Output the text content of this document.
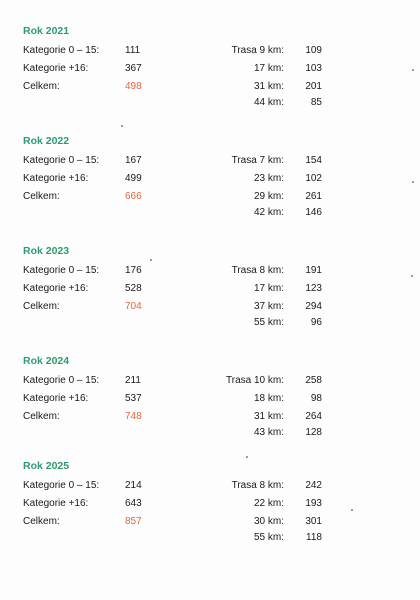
Rok 2021
Kategorie 0 – 15:	111	Trasa 9 km:	109
Kategorie +16:	367	17 km:	103
Celkem:	498	31 km:	201
44 km:	85
Rok 2022
Kategorie 0 – 15:	167	Trasa 7 km:	154
Kategorie +16:	499	23 km:	102
Celkem:	666	29 km:	261
42 km:	146
Rok 2023
Kategorie 0 – 15:	176	Trasa 8 km:	191
Kategorie +16:	528	17 km:	123
Celkem:	704	37 km:	294
55 km:	96
Rok 2024
Kategorie 0 – 15:	211	Trasa 10 km:	258
Kategorie +16:	537	18 km:	98
Celkem:	748	31 km:	264
43 km:	128
Rok 2025
Kategorie 0 – 15:	214	Trasa 8 km:	242
Kategorie +16:	643	22 km:	193
Celkem:	857	30 km:	301
55 km:	118
